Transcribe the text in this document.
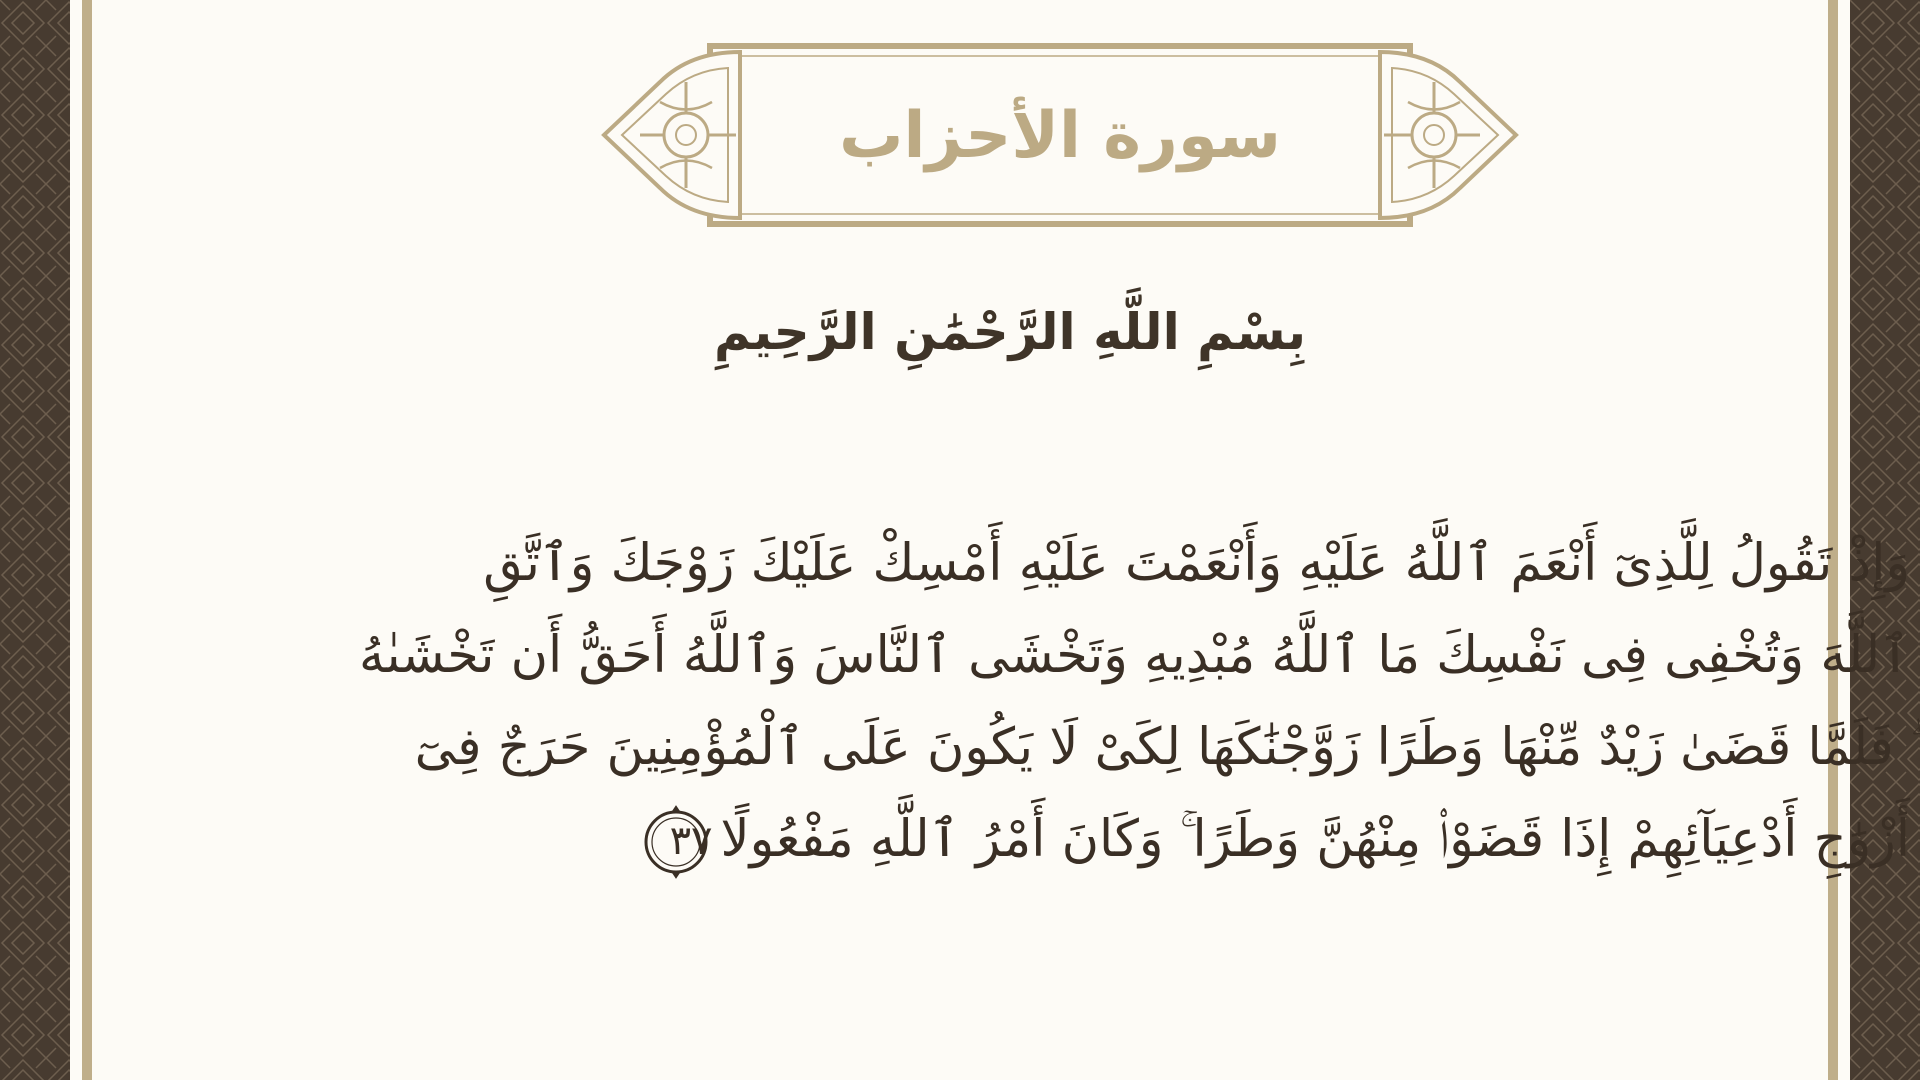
سورة الأحزاب
بِسْمِ اللَّهِ الرَّحْمَٰنِ الرَّحِيمِ
وَإِذْ تَقُولُ لِلَّذِىٓ أَنْعَمَ ٱللَّهُ عَلَيْهِ وَأَنْعَمْتَ عَلَيْهِ أَمْسِكْ عَلَيْكَ زَوْجَكَ وَٱتَّقِ
ٱللَّهَ وَتُخْفِى فِى نَفْسِكَ مَا ٱللَّهُ مُبْدِيهِ وَتَخْشَى ٱلنَّاسَ وَٱللَّهُ أَحَقُّ أَن تَخْشَىٰهُ
ۖ فَلَمَّا قَضَىٰ زَيْدٌ مِّنْهَا وَطَرًا زَوَّجْنَٰكَهَا لِكَىْ لَا يَكُونَ عَلَى ٱلْمُؤْمِنِينَ حَرَجٌ فِىٓ
أَزْوَٰجِ أَدْعِيَآئِهِمْ إِذَا قَضَوْا۟ مِنْهُنَّ وَطَرًا ۚ وَكَانَ أَمْرُ ٱللَّهِ مَفْعُولًا
٣٧
